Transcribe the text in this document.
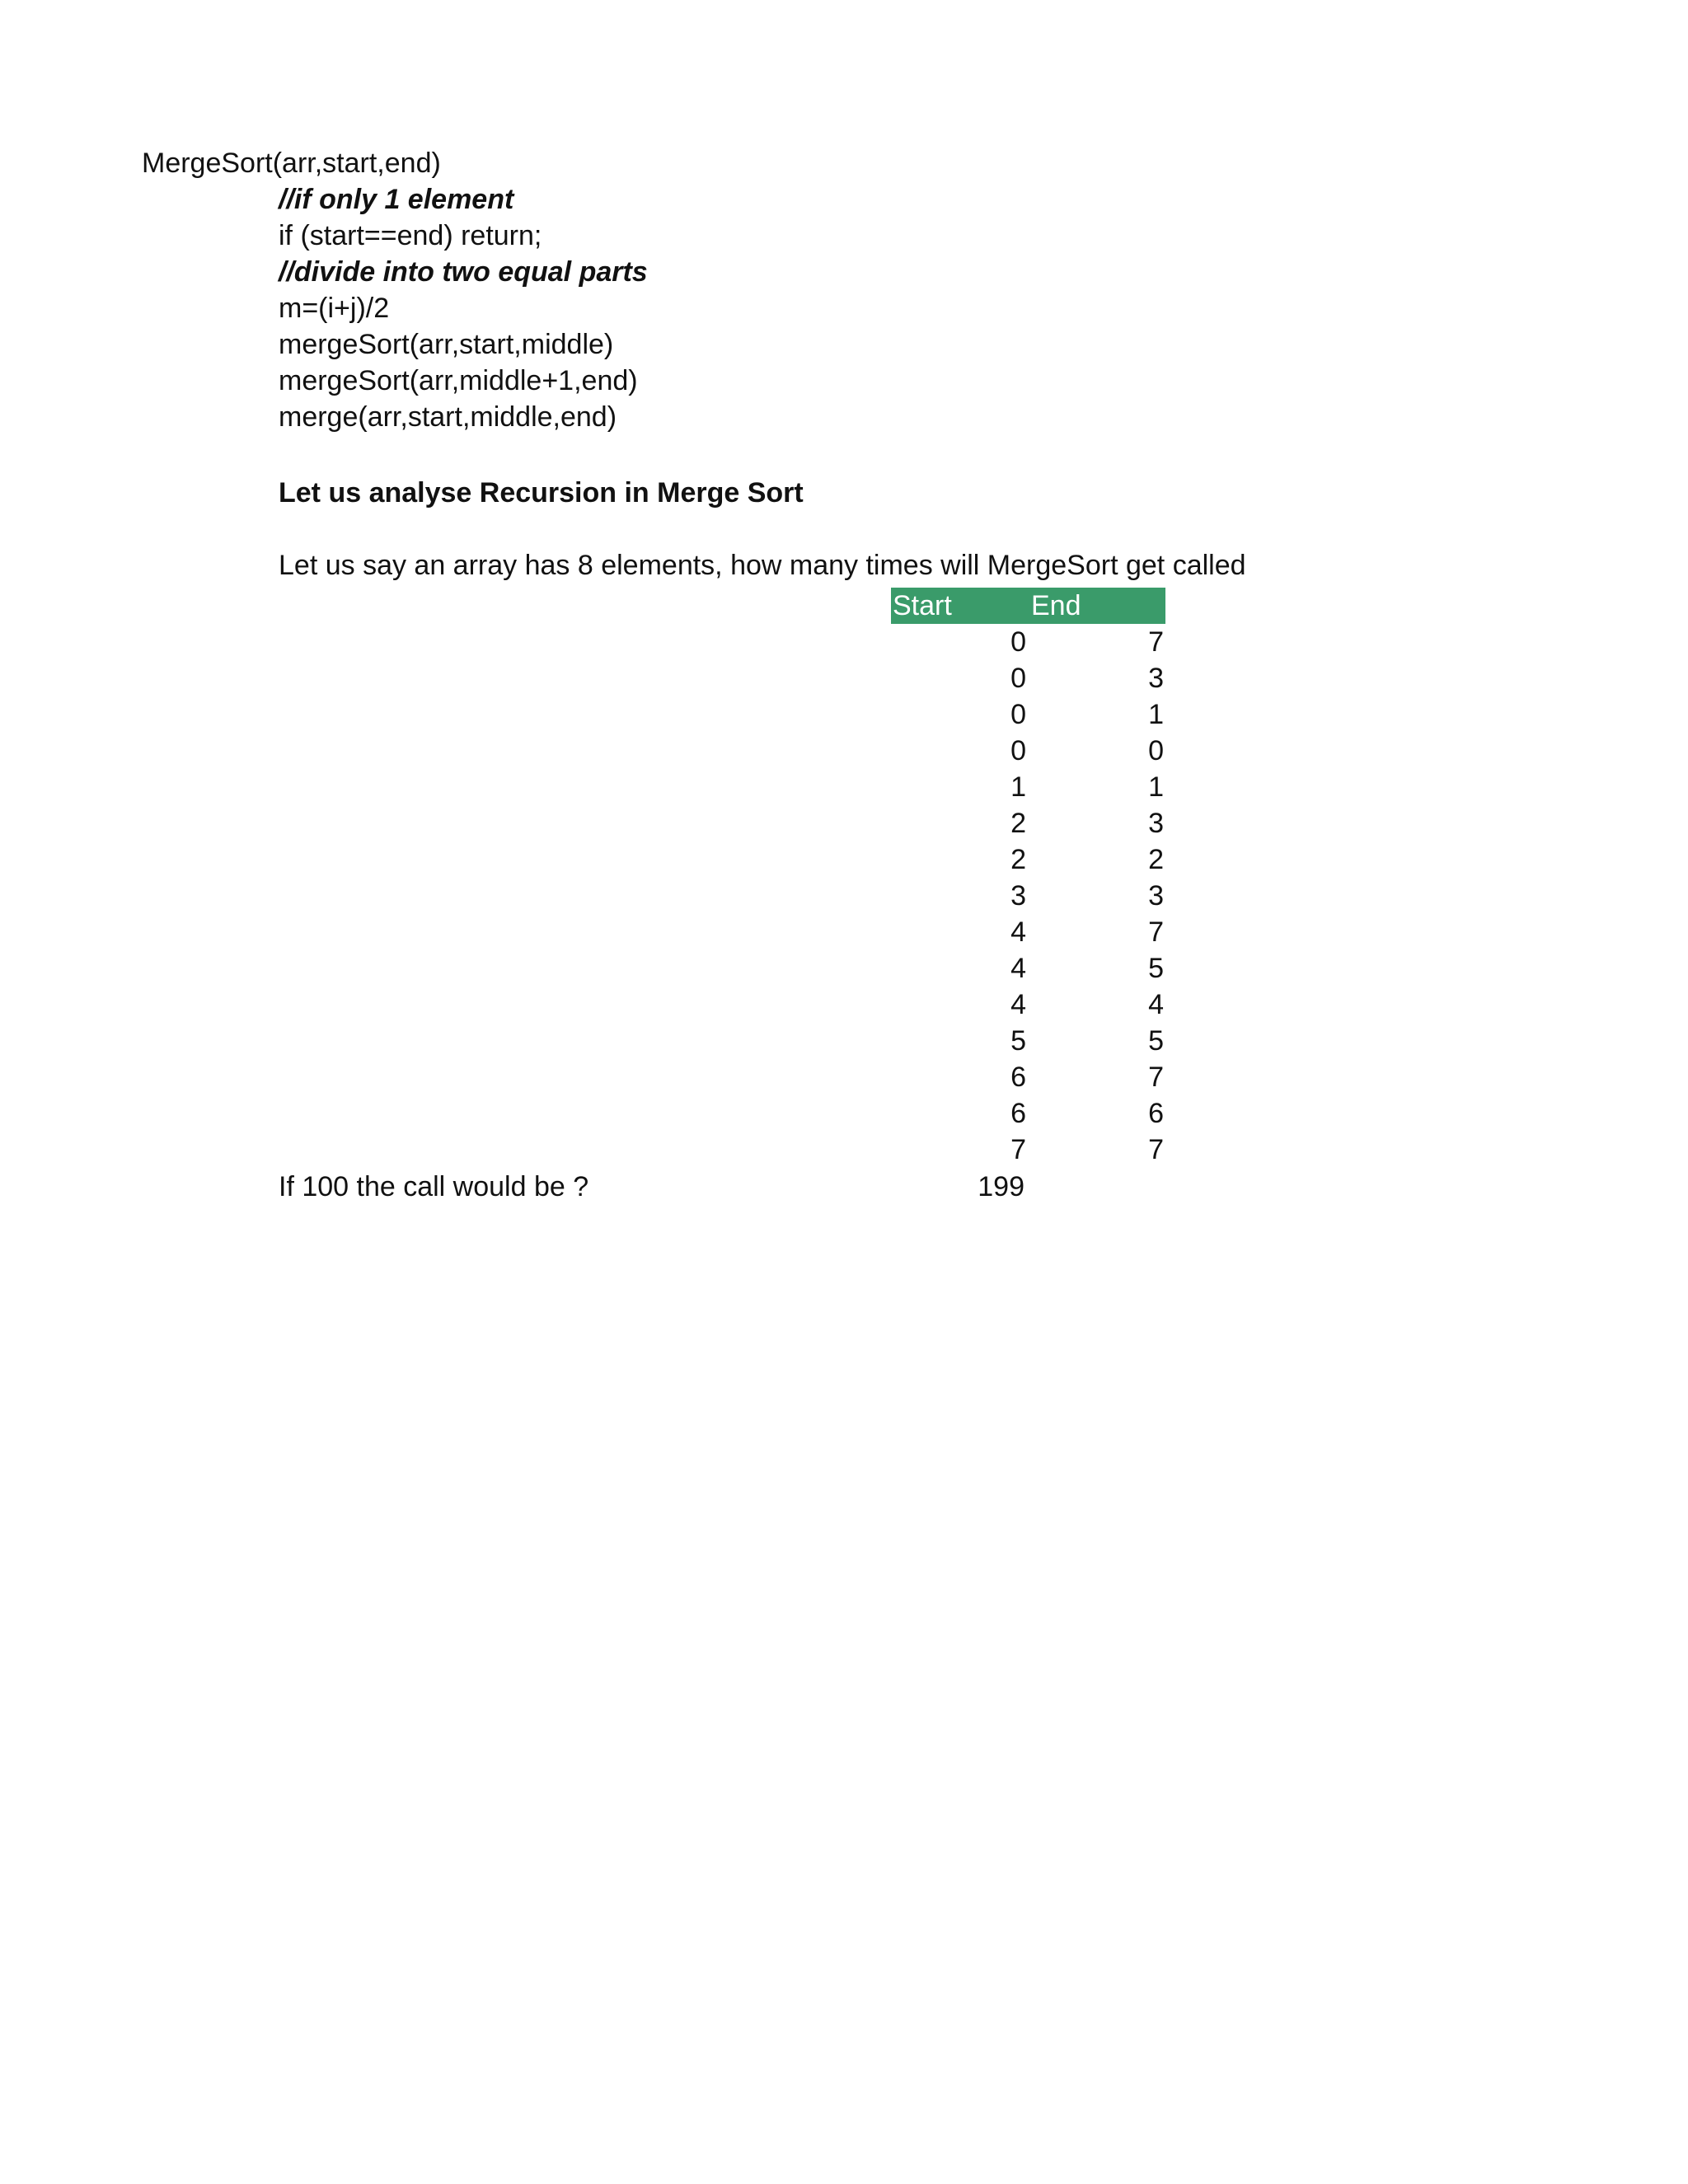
MergeSort(arr,start,end)
//if only 1 element
if (start==end) return;
//divide into two equal parts
m=(i+j)/2
mergeSort(arr,start,middle)
mergeSort(arr,middle+1,end)
merge(arr,start,middle,end)
Let us analyse Recursion in Merge Sort
Let us say an array has 8 elements, how many times will MergeSort get called
Start	End
0	7
0	3
0	1
0	0
1	1
2	3
2	2
3	3
4	7
4	5
4	4
5	5
6	7
6	6
7	7
If 100 the call would be ?	199
